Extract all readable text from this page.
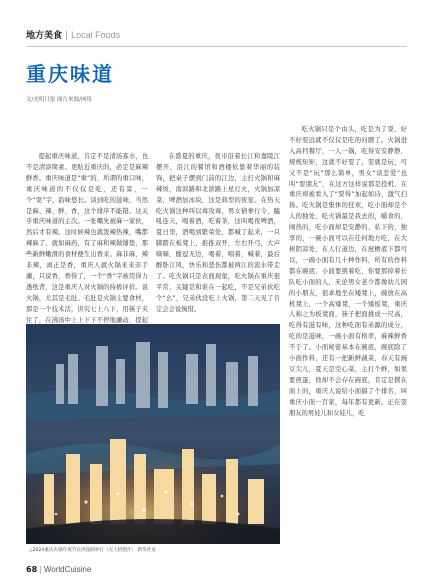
地方美食 | Local Foods
重庆味道
文/光明日报 图片来源/网络

提起重庆味道，肯定不是清汤寡水，也不是清淡简素。更贴近重庆的，必定是麻辣鲜香。重庆味道是“重”的，所谓的重口味，重庆味道的不仅仅是吃，还有景，一个“耍”字，韵味悠长。谈到吃的滋味，当然是麻、辣、鲜、香，这个排序不能错。这关乎重庆味道的主次。一张嘴先被麻一家伙，然后才有辣。这时候辣也就泼辣热辣，嘴都辣麻了，就如麻药，有了麻和辣做铺垫，那些新鲜嫩滑的食材便生出香来。麻非麻，辣非辣，离正是香，重庆人就火锅来来亲手涮，只说香，香得了，一个“香”字被用得力透纸背，这是重庆人对火锅的持极评价。说火锅，尤其是毛肚。毛肚是火锅主要食材，那是一个技术活，讲究七上八下，用筷子夹住了，在沸汤中上上下下不停地涮动，提起

在盛夏的重庆，夜市沿着长江和嘉陵江摆开，沿江的餐馆和酒楼依靠着华丽的装饰，把桌子摆到门前的江边，主打火锅和麻辣烫，南滨路和北滨路上星灯火，火锅加凉菜，啤酒加冰块，这是典型的夜宴。在热天吃火锅这种叫以毒攻毒，男女猜拳行令，瞌吼连天，喝着酒，吃着茶，这叫喝夜啤酒，夏日里，酒喝到繁荣处，都喊了起来，一只脚踏在板凳上，推推双开，左右开弓，大声嘀嘀，酣逗无边，喝着，唱着，喊着，最后醉卧江风，快乐和悲伤都被两江的流水带走了。吃火锅只是表面现象，吃火锅在重庆很平常，关键是和谁在一起吃，不是兄弟伙吃个“幺”，兄弟伙没吃上火锅，第二天见了肯定会会说惋惜。

吃火锅只是个由头，吃是为了耍，好不好耍远就不仅仅是吃的问题了。火锅进入高档餐厅，一人一锅，吃得安安静静，规规矩矩，这就不好耍了，耍就是玩，可又不是“玩”那么简单，男女“谈恋爱”也叫“耍朋友”，在这方这样说那是投机，在重庆却被看入了“耍得”加起如诗，激气扫扬。吃火锅是集体的狂欢，吃小面却是个人的独处，吃火锅最是我去的，嚼食的，闹热的，吃小面却是安静的、私下的，独享的，一碗小面可以在任何地方吃，在大树阴凉处，在人行道边，在屋檐底下都可以，一碗小面有几十种作料，所有的作料都在碗底，小面要挑着吃，你要那掉着长队吃小面的人，无论男女老少都像幼儿园的小朋友，很乖地坐在矮凳上，碗放在高机凳上，一个高矮凳，一个矮板凳，重庆人称之为板凳面，筷子把面挑成一尺高，吃得有滋有味，这种吃面有弟源的成分，吃的是滋味，一碗小面有格率，麻辣鲜香不于了。小面秘密基本在碗底，碗底除了小面作料，还有一把新鲜蔬菜，春天有豌豆尖儿，夏天是空心菜，主打个鲜，如果要煎蛋，他却不会存在碗底，肯定是撂在面上的，重庆人说给小面搞了个排名，叫重庆小面一百家，每年都有更新。正在耍朋友的男娃儿和女娃儿，吃

△2024重庆火锅年夜节在洪崖洞举行（无人机照片） 新华社发
68 | WorldCuisine
